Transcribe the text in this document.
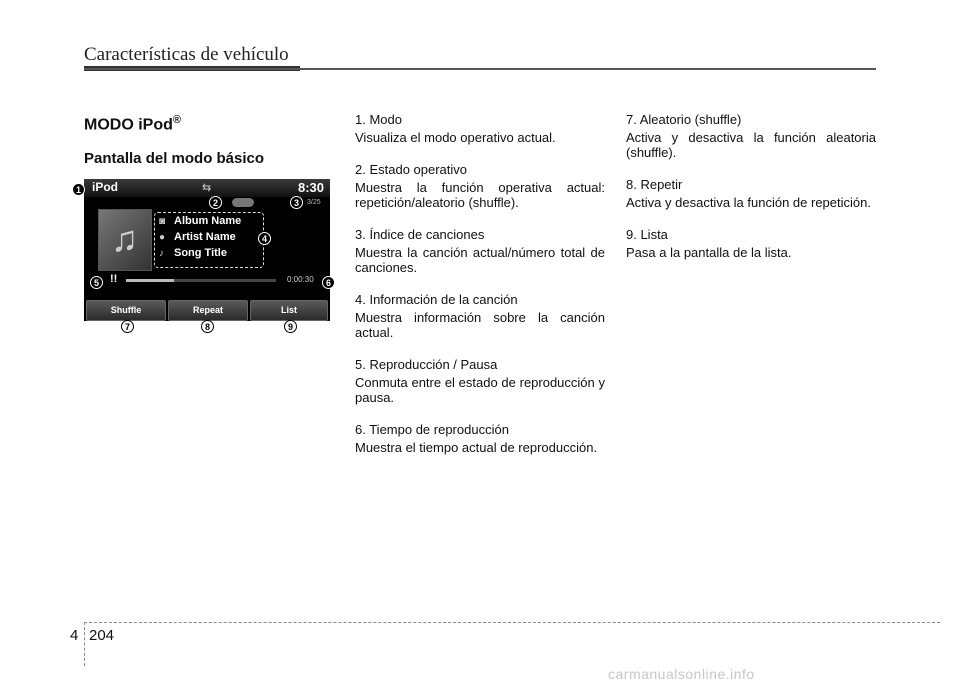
Características de vehículo
MODO iPod®
Pantalla del modo básico
iPod	⇆	8:30
3/25
♫ ◙ Album Name
● Artist Name
♪ Song Title
!!	0:00:30
Shuffle	Repeat	List
1
2	3
4
5	6
7	8	9
1. Modo
Visualiza el modo operativo actual.
2. Estado operativo
Muestra la función operativa actual: repetición/aleatorio (shuffle).
3. Índice de canciones
Muestra la canción actual/número total de canciones.
4. Información de la canción
Muestra información sobre la canción actual.
5. Reproducción / Pausa
Conmuta entre el estado de reproducción y pausa.
6. Tiempo de reproducción
Muestra el tiempo actual de reproducción.
7. Aleatorio (shuffle)
Activa y desactiva la función aleatoria (shuffle).
8. Repetir
Activa y desactiva la función de repetición.
9. Lista
Pasa a la pantalla de la lista.
4 204
carmanualsonline.info
